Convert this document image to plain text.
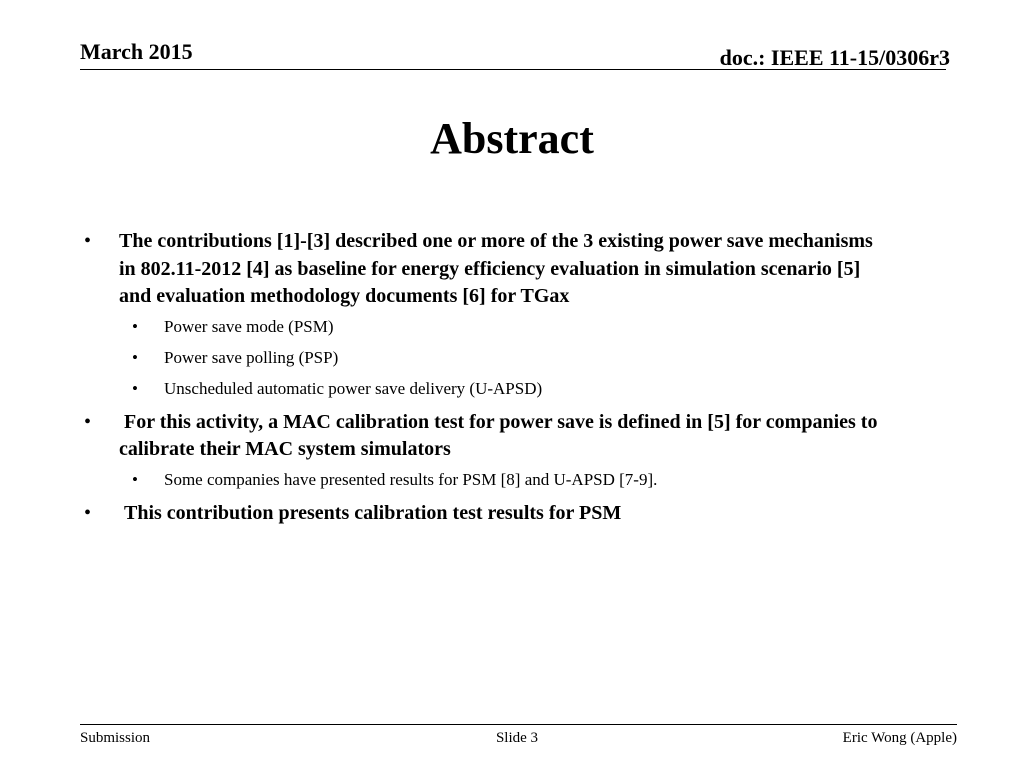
March 2015	doc.: IEEE 11-15/0306r3
Abstract
• The contributions [1]-[3] described one or more of the 3 existing power save mechanisms in 802.11-2012 [4] as baseline for energy efficiency evaluation in simulation scenario [5] and evaluation methodology documents [6] for TGax
• Power save mode (PSM)
• Power save polling (PSP)
• Unscheduled automatic power save delivery (U-APSD)
• For this activity, a MAC calibration test for power save is defined in [5] for companies to calibrate their MAC system simulators
• Some companies have presented results for PSM [8] and U-APSD [7-9].
• This contribution presents calibration test results for PSM
Submission	Slide 3	Eric Wong (Apple)
